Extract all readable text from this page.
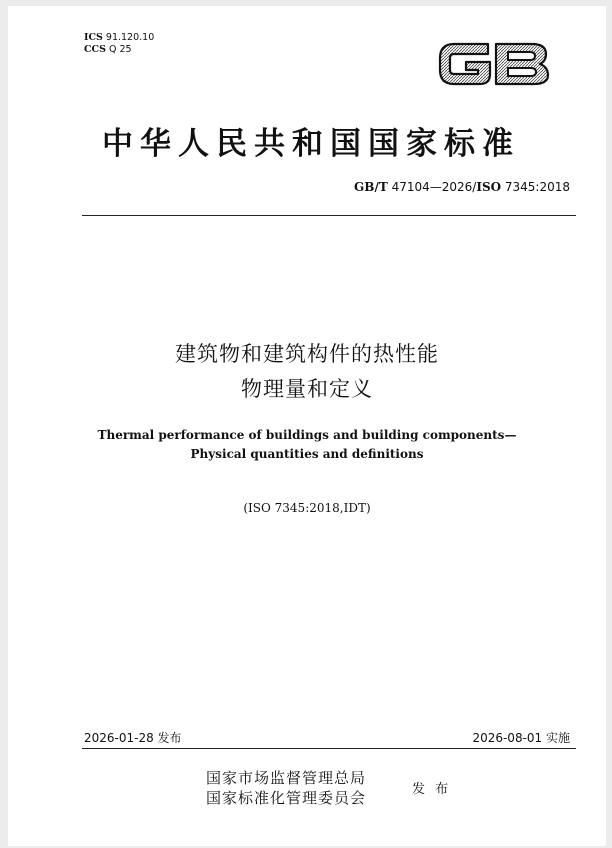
ICS 91.120.10
CCS Q 25
中华人民共和国国家标准
GB/T 47104—2026/ISO 7345:2018
建筑物和建筑构件的热性能
物理量和定义
Thermal performance of buildings and building components—
Physical quantities and definitions
(ISO 7345:2018,IDT)
2026-01-28 发布	2026-08-01 实施
国家市场监督管理总局
国家标准化管理委员会	发 布
